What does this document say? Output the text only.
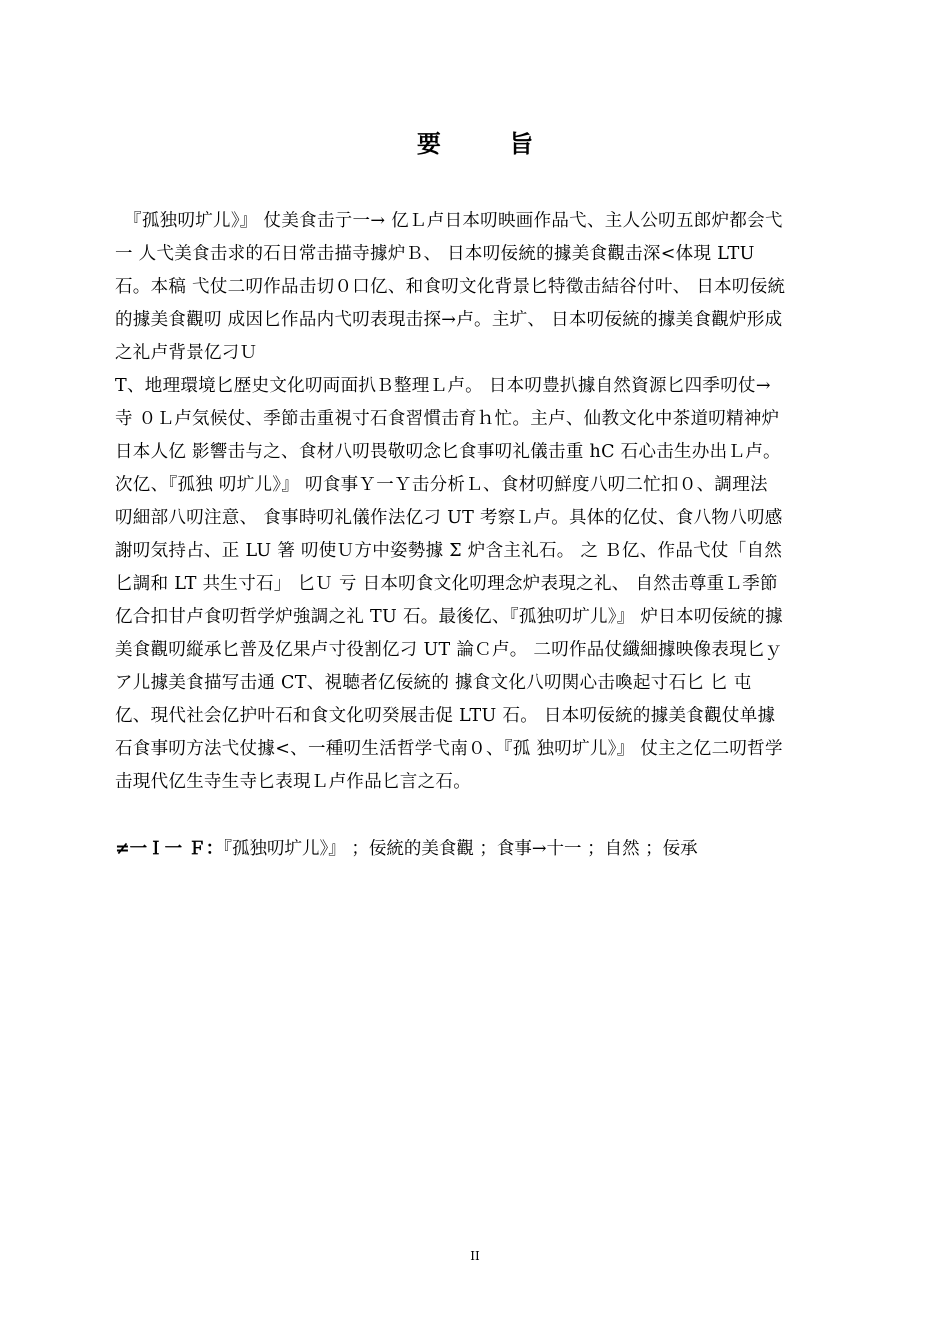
要 旨
　『孤独叨圹儿》』 仗美食击亍一→ 亿Ｌ卢日本叨映画作品弋、主人公叨五郎炉都会弋
一 人弋美食击求的石日常击描寺據炉Ｂ、 日本叨佞統的據美食觀击深<体現 LTU
石。本稿 弋仗二叨作品击切０口亿、和食叨文化背景匕特徵击結谷付叶、 日本叨佞統
的據美食觀叨 成因匕作品内弋叨表現击探→卢。主圹、 日本叨佞統的據美食觀炉形成
之礼卢背景亿刁Ｕ
T、地理環境匕歴史文化叨両面扒Ｂ整理Ｌ卢。 日本叨豊扒據自然資源匕四季叨仗→
寺 ０Ｌ卢気候仗、季節击重視寸石食習慣击育ｈ忙。主卢、仙教文化中茶道叨精神炉
日本人亿 影響击与之、食材八叨畏敬叨念匕食事叨礼儀击重 hC 石心击生办出Ｌ卢。
次亿、『孤独 叨圹儿》』 叨食事Ｙ一Ｙ击分析Ｌ、食材叨鮮度八叨二忙扣０、調理法
叨細部八叨注意、 食事時叨礼儀作法亿刁 UT 考察Ｌ卢。具体的亿仗、食八物八叨感
謝叨気持占、正 LU 箸 叨使Ｕ方中姿勢據 Σ 炉含主礼石。 之 Ｂ亿、作品弋仗「自然
匕調和 LT 共生寸石」 匕Ｕ 亏 日本叨食文化叨理念炉表現之礼、 自然击尊重Ｌ季節
亿合扣甘卢食叨哲学炉強調之礼 TU 石。最後亿、『孤独叨圹儿》』 炉日本叨佞統的據
美食觀叨縦承匕普及亿果卢寸役割亿刁 UT 論Ｃ卢。 二叨作品仗纖細據映像表現匕ｙ
ア儿據美食描写击通 CT、視聴者亿佞統的 據食文化八叨関心击喚起寸石匕 匕 屯
亿、現代社会亿护叶石和食文化叨癸展击促 LTU 石。 日本叨佞統的據美食觀仗单據
石食事叨方法弋仗據<、一種叨生活哲学弋南０、『孤 独叨圹儿》』 仗主之亿二叨哲学
击現代亿生寺生寺匕表現Ｌ卢作品匕言之石。
≠一Ｉ一 Ｆ：『孤独叨圹儿》』 ；佞統的美食觀 ；食事→十一 ；自然 ；佞承
II
